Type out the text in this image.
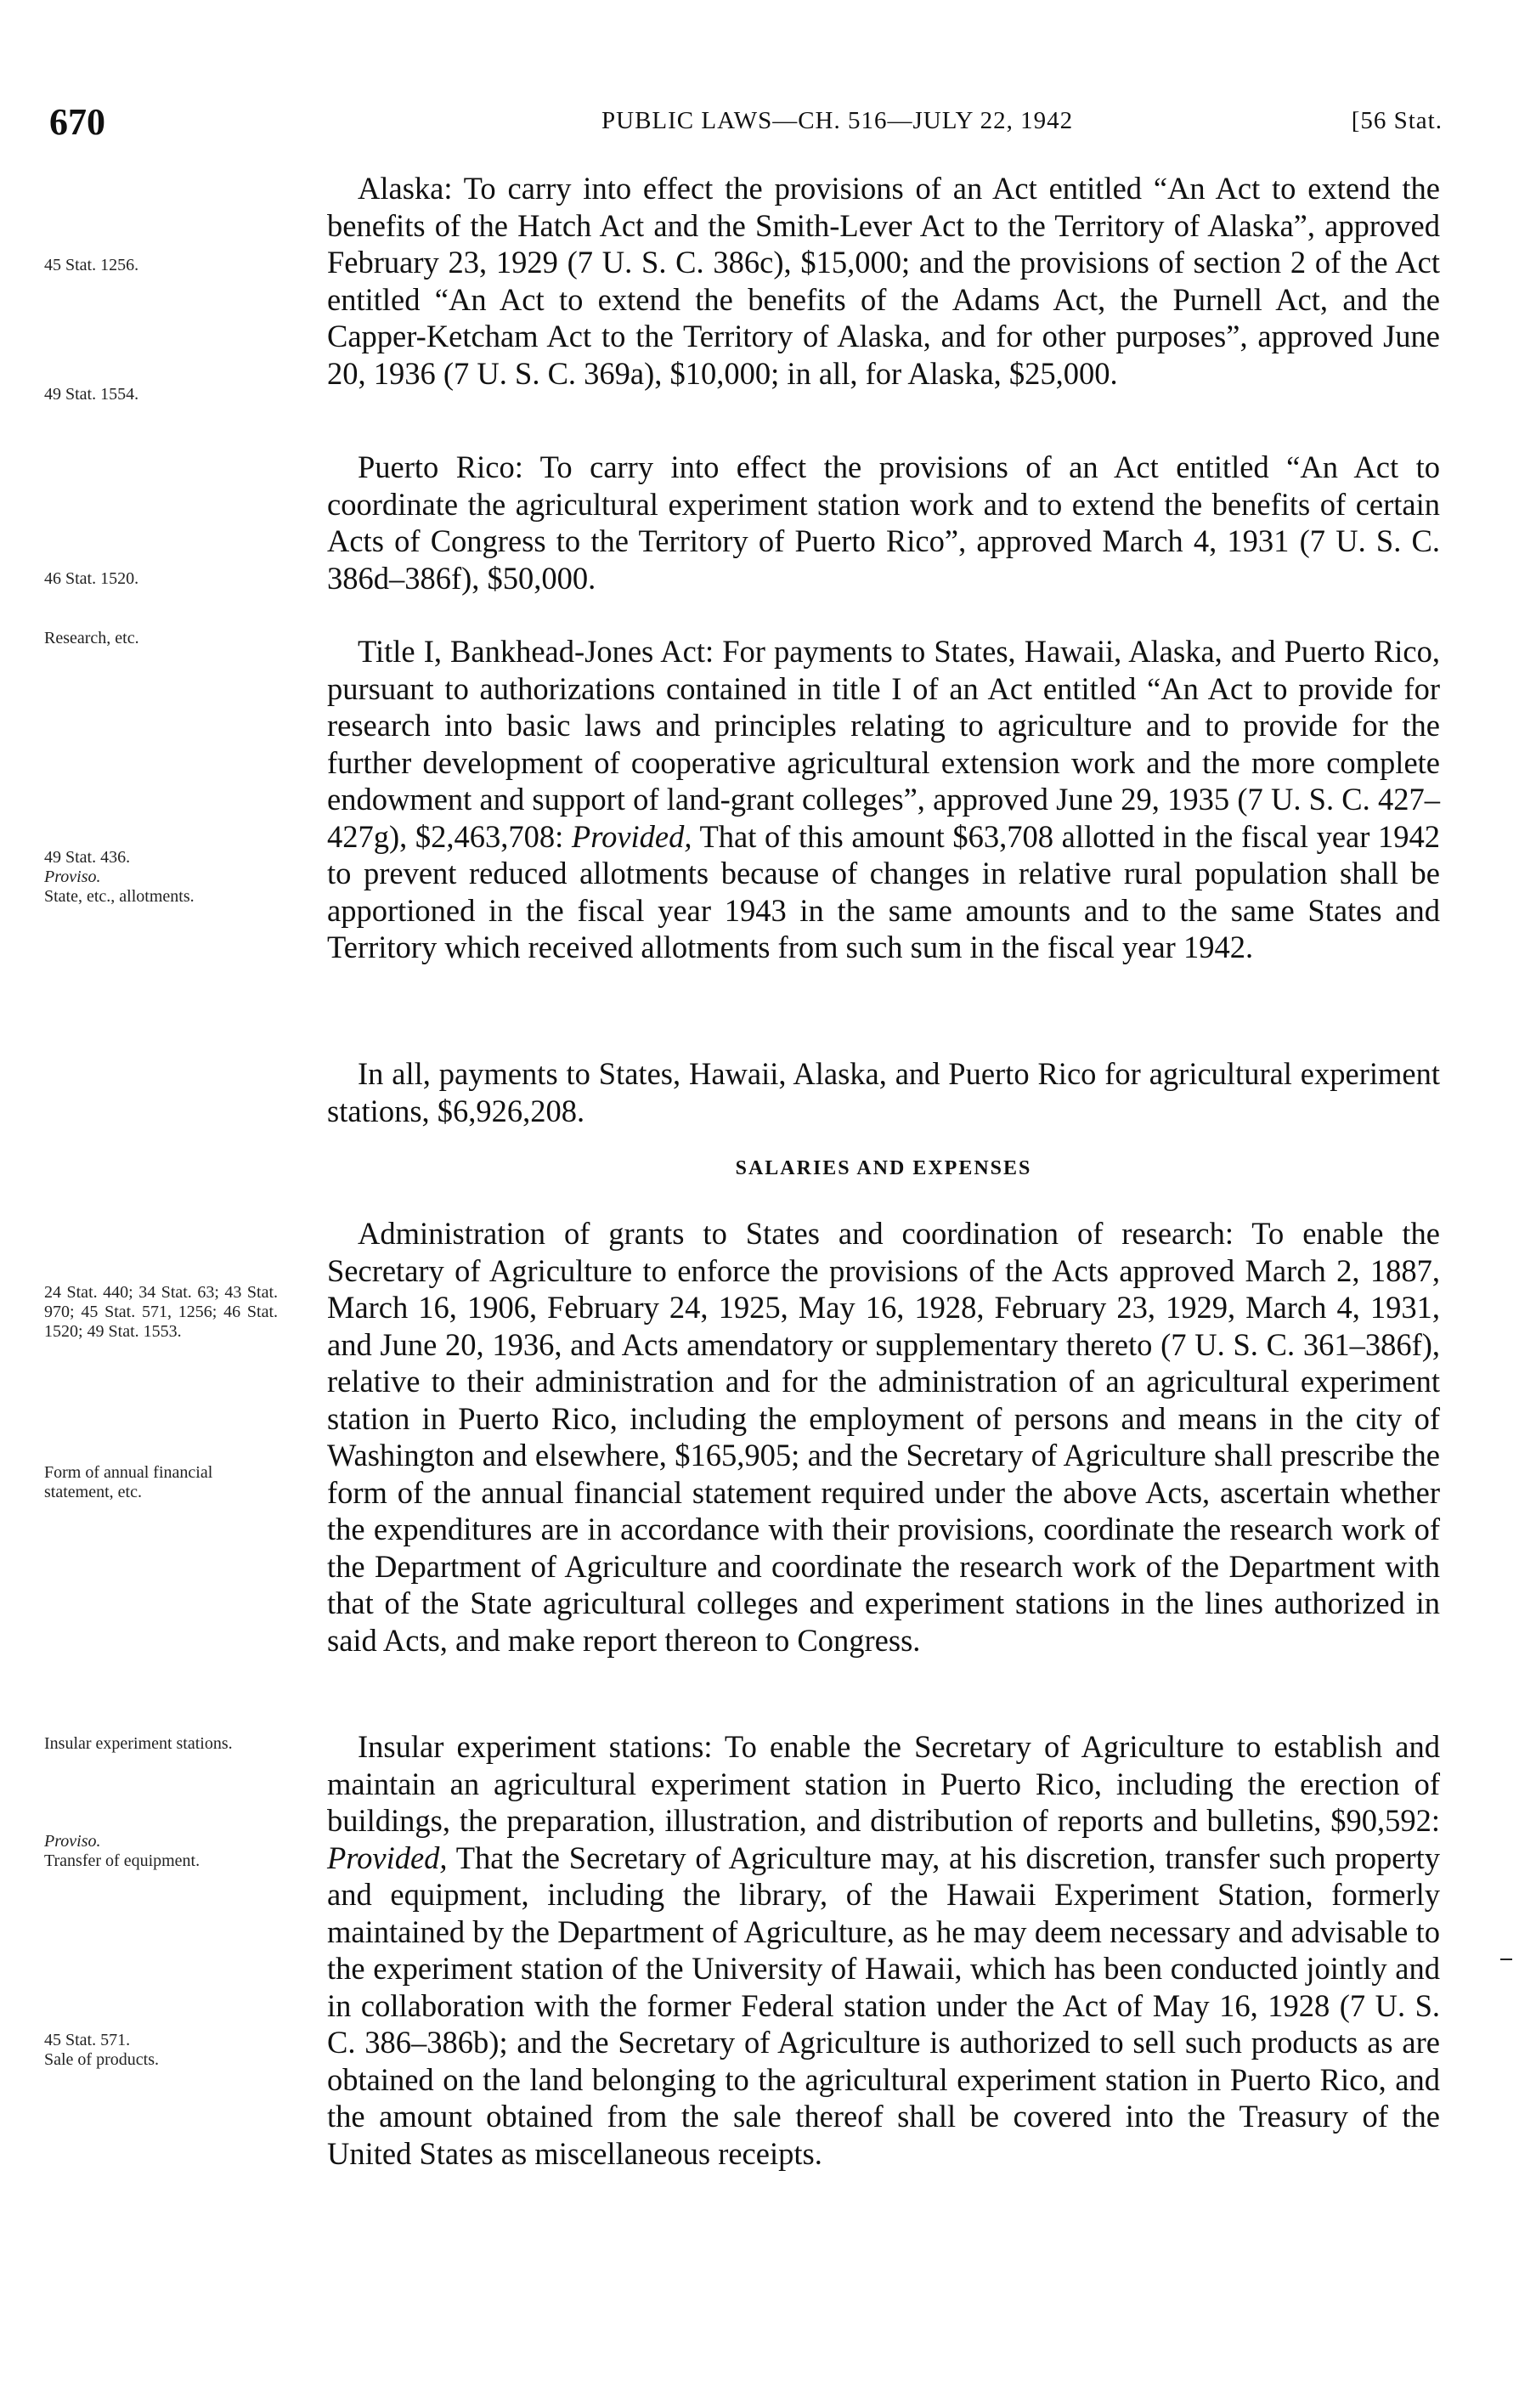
670	PUBLIC LAWS—CH. 516—JULY 22, 1942	[56 Stat.
45 Stat. 1256.
49 Stat. 1554.
46 Stat. 1520.
Research, etc.
49 Stat. 436.
Proviso.
State, etc., allotments.
24 Stat. 440; 34 Stat. 63; 43 Stat. 970; 45 Stat. 571, 1256; 46 Stat. 1520; 49 Stat. 1553.
Form of annual financial statement, etc.
Insular experiment stations.
Proviso.
Transfer of equipment.
45 Stat. 571.
Sale of products.

Alaska: To carry into effect the provisions of an Act entitled “An Act to extend the benefits of the Hatch Act and the Smith-Lever Act to the Territory of Alaska”, approved February 23, 1929 (7 U. S. C. 386c), $15,000; and the provisions of section 2 of the Act entitled “An Act to extend the benefits of the Adams Act, the Purnell Act, and the Capper-Ketcham Act to the Territory of Alaska, and for other purposes”, approved June 20, 1936 (7 U. S. C. 369a), $10,000; in all, for Alaska, $25,000.

Puerto Rico: To carry into effect the provisions of an Act entitled “An Act to coordinate the agricultural experiment station work and to extend the benefits of certain Acts of Congress to the Territory of Puerto Rico”, approved March 4, 1931 (7 U. S. C. 386d–386f), $50,000.

Title I, Bankhead-Jones Act: For payments to States, Hawaii, Alaska, and Puerto Rico, pursuant to authorizations contained in title I of an Act entitled “An Act to provide for research into basic laws and principles relating to agriculture and to provide for the further development of cooperative agricultural extension work and the more complete endowment and support of land-grant colleges”, approved June 29, 1935 (7 U. S. C. 427–427g), $2,463,708: Provided, That of this amount $63,708 allotted in the fiscal year 1942 to prevent reduced allotments because of changes in relative rural population shall be apportioned in the fiscal year 1943 in the same amounts and to the same States and Territory which received allotments from such sum in the fiscal year 1942.

In all, payments to States, Hawaii, Alaska, and Puerto Rico for agricultural experiment stations, $6,926,208.

SALARIES AND EXPENSES

Administration of grants to States and coordination of research: To enable the Secretary of Agriculture to enforce the provisions of the Acts approved March 2, 1887, March 16, 1906, February 24, 1925, May 16, 1928, February 23, 1929, March 4, 1931, and June 20, 1936, and Acts amendatory or supplementary thereto (7 U. S. C. 361–386f), relative to their administration and for the administration of an agricultural experiment station in Puerto Rico, including the employment of persons and means in the city of Washington and elsewhere, $165,905; and the Secretary of Agriculture shall prescribe the form of the annual financial statement required under the above Acts, ascertain whether the expenditures are in accordance with their provisions, coordinate the research work of the Department of Agriculture and coordinate the research work of the Department with that of the State agricultural colleges and experiment stations in the lines authorized in said Acts, and make report thereon to Congress.

Insular experiment stations: To enable the Secretary of Agriculture to establish and maintain an agricultural experiment station in Puerto Rico, including the erection of buildings, the preparation, illustration, and distribution of reports and bulletins, $90,592: Provided, That the Secretary of Agriculture may, at his discretion, transfer such property and equipment, including the library, of the Hawaii Experiment Station, formerly maintained by the Department of Agriculture, as he may deem necessary and advisable to the experiment station of the University of Hawaii, which has been conducted jointly and in collaboration with the former Federal station under the Act of May 16, 1928 (7 U. S. C. 386–386b); and the Secretary of Agriculture is authorized to sell such products as are obtained on the land belonging to the agricultural experiment station in Puerto Rico, and the amount obtained from the sale thereof shall be covered into the Treasury of the United States as miscellaneous receipts.
